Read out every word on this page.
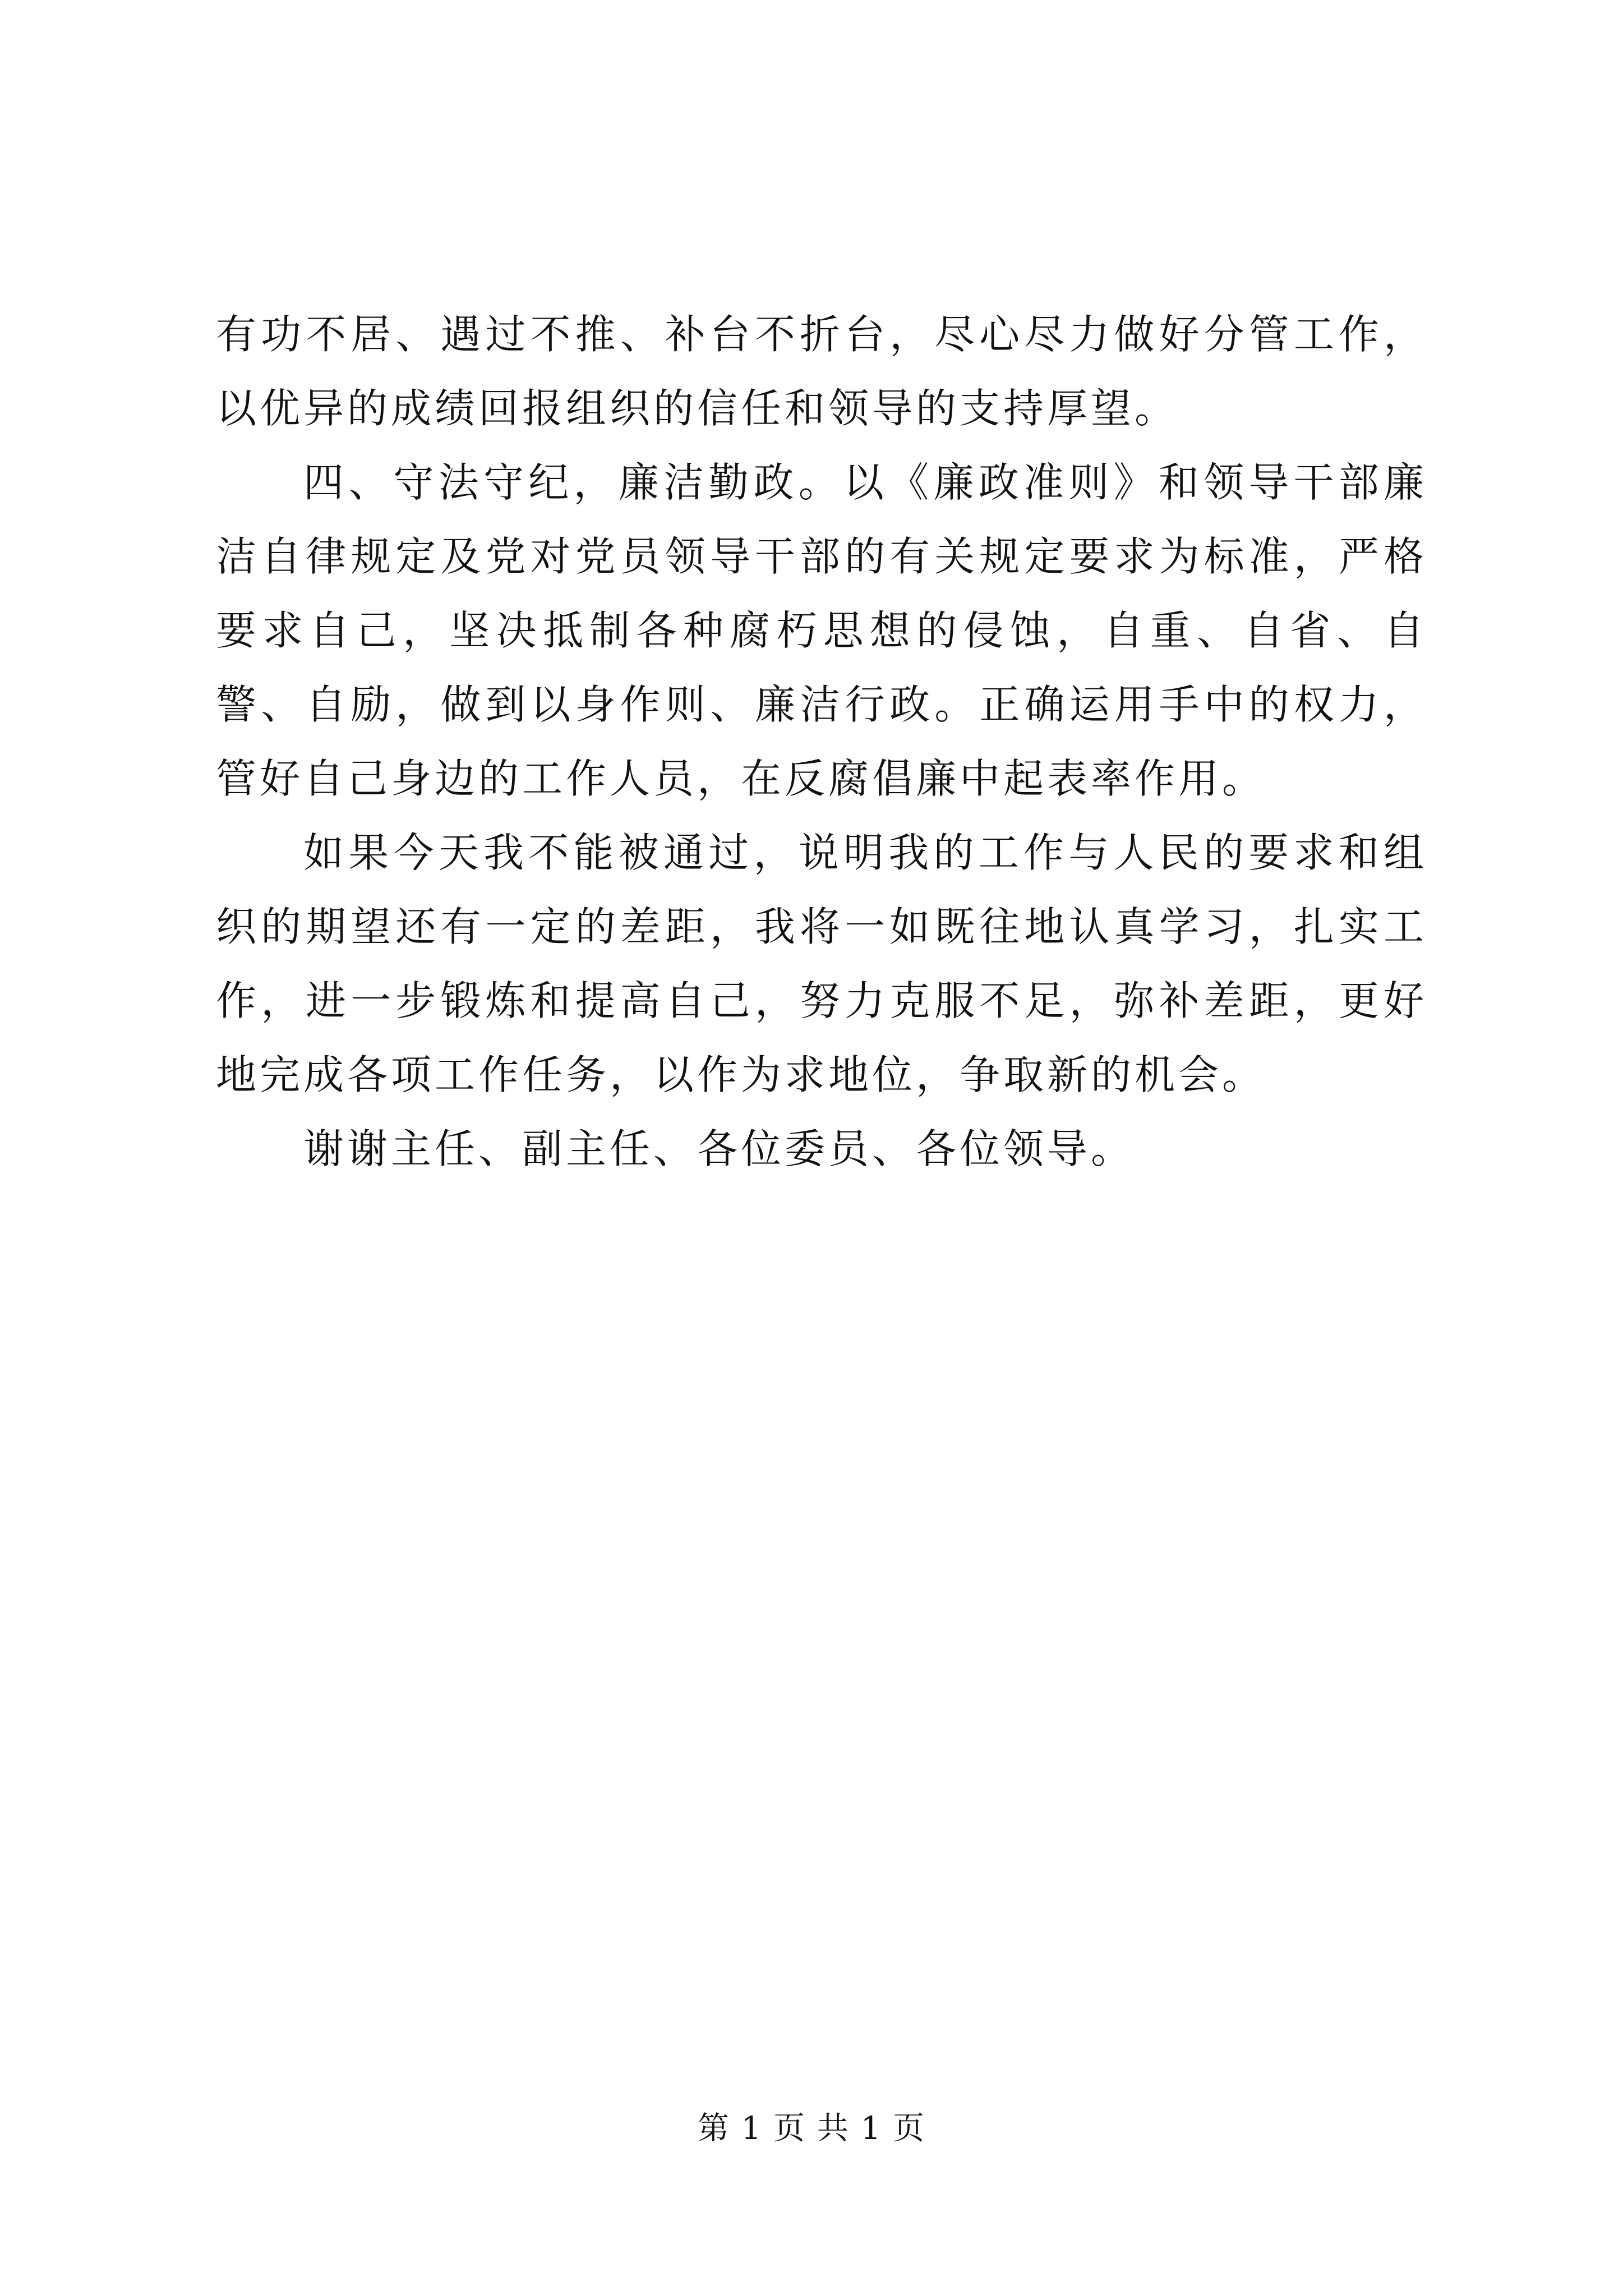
有功不居、遇过不推、补台不折台，尽心尽力做好分管工作，以优异的成绩回报组织的信任和领导的支持厚望。

四、守法守纪，廉洁勤政。以《廉政准则》和领导干部廉洁自律规定及党对党员领导干部的有关规定要求为标准，严格要求自己，坚决抵制各种腐朽思想的侵蚀，自重、自省、自警、自励，做到以身作则、廉洁行政。正确运用手中的权力，管好自己身边的工作人员，在反腐倡廉中起表率作用。

如果今天我不能被通过，说明我的工作与人民的要求和组织的期望还有一定的差距，我将一如既往地认真学习，扎实工作，进一步锻炼和提高自己，努力克服不足，弥补差距，更好地完成各项工作任务，以作为求地位，争取新的机会。

谢谢主任、副主任、各位委员、各位领导。

第 1 页 共 1 页
